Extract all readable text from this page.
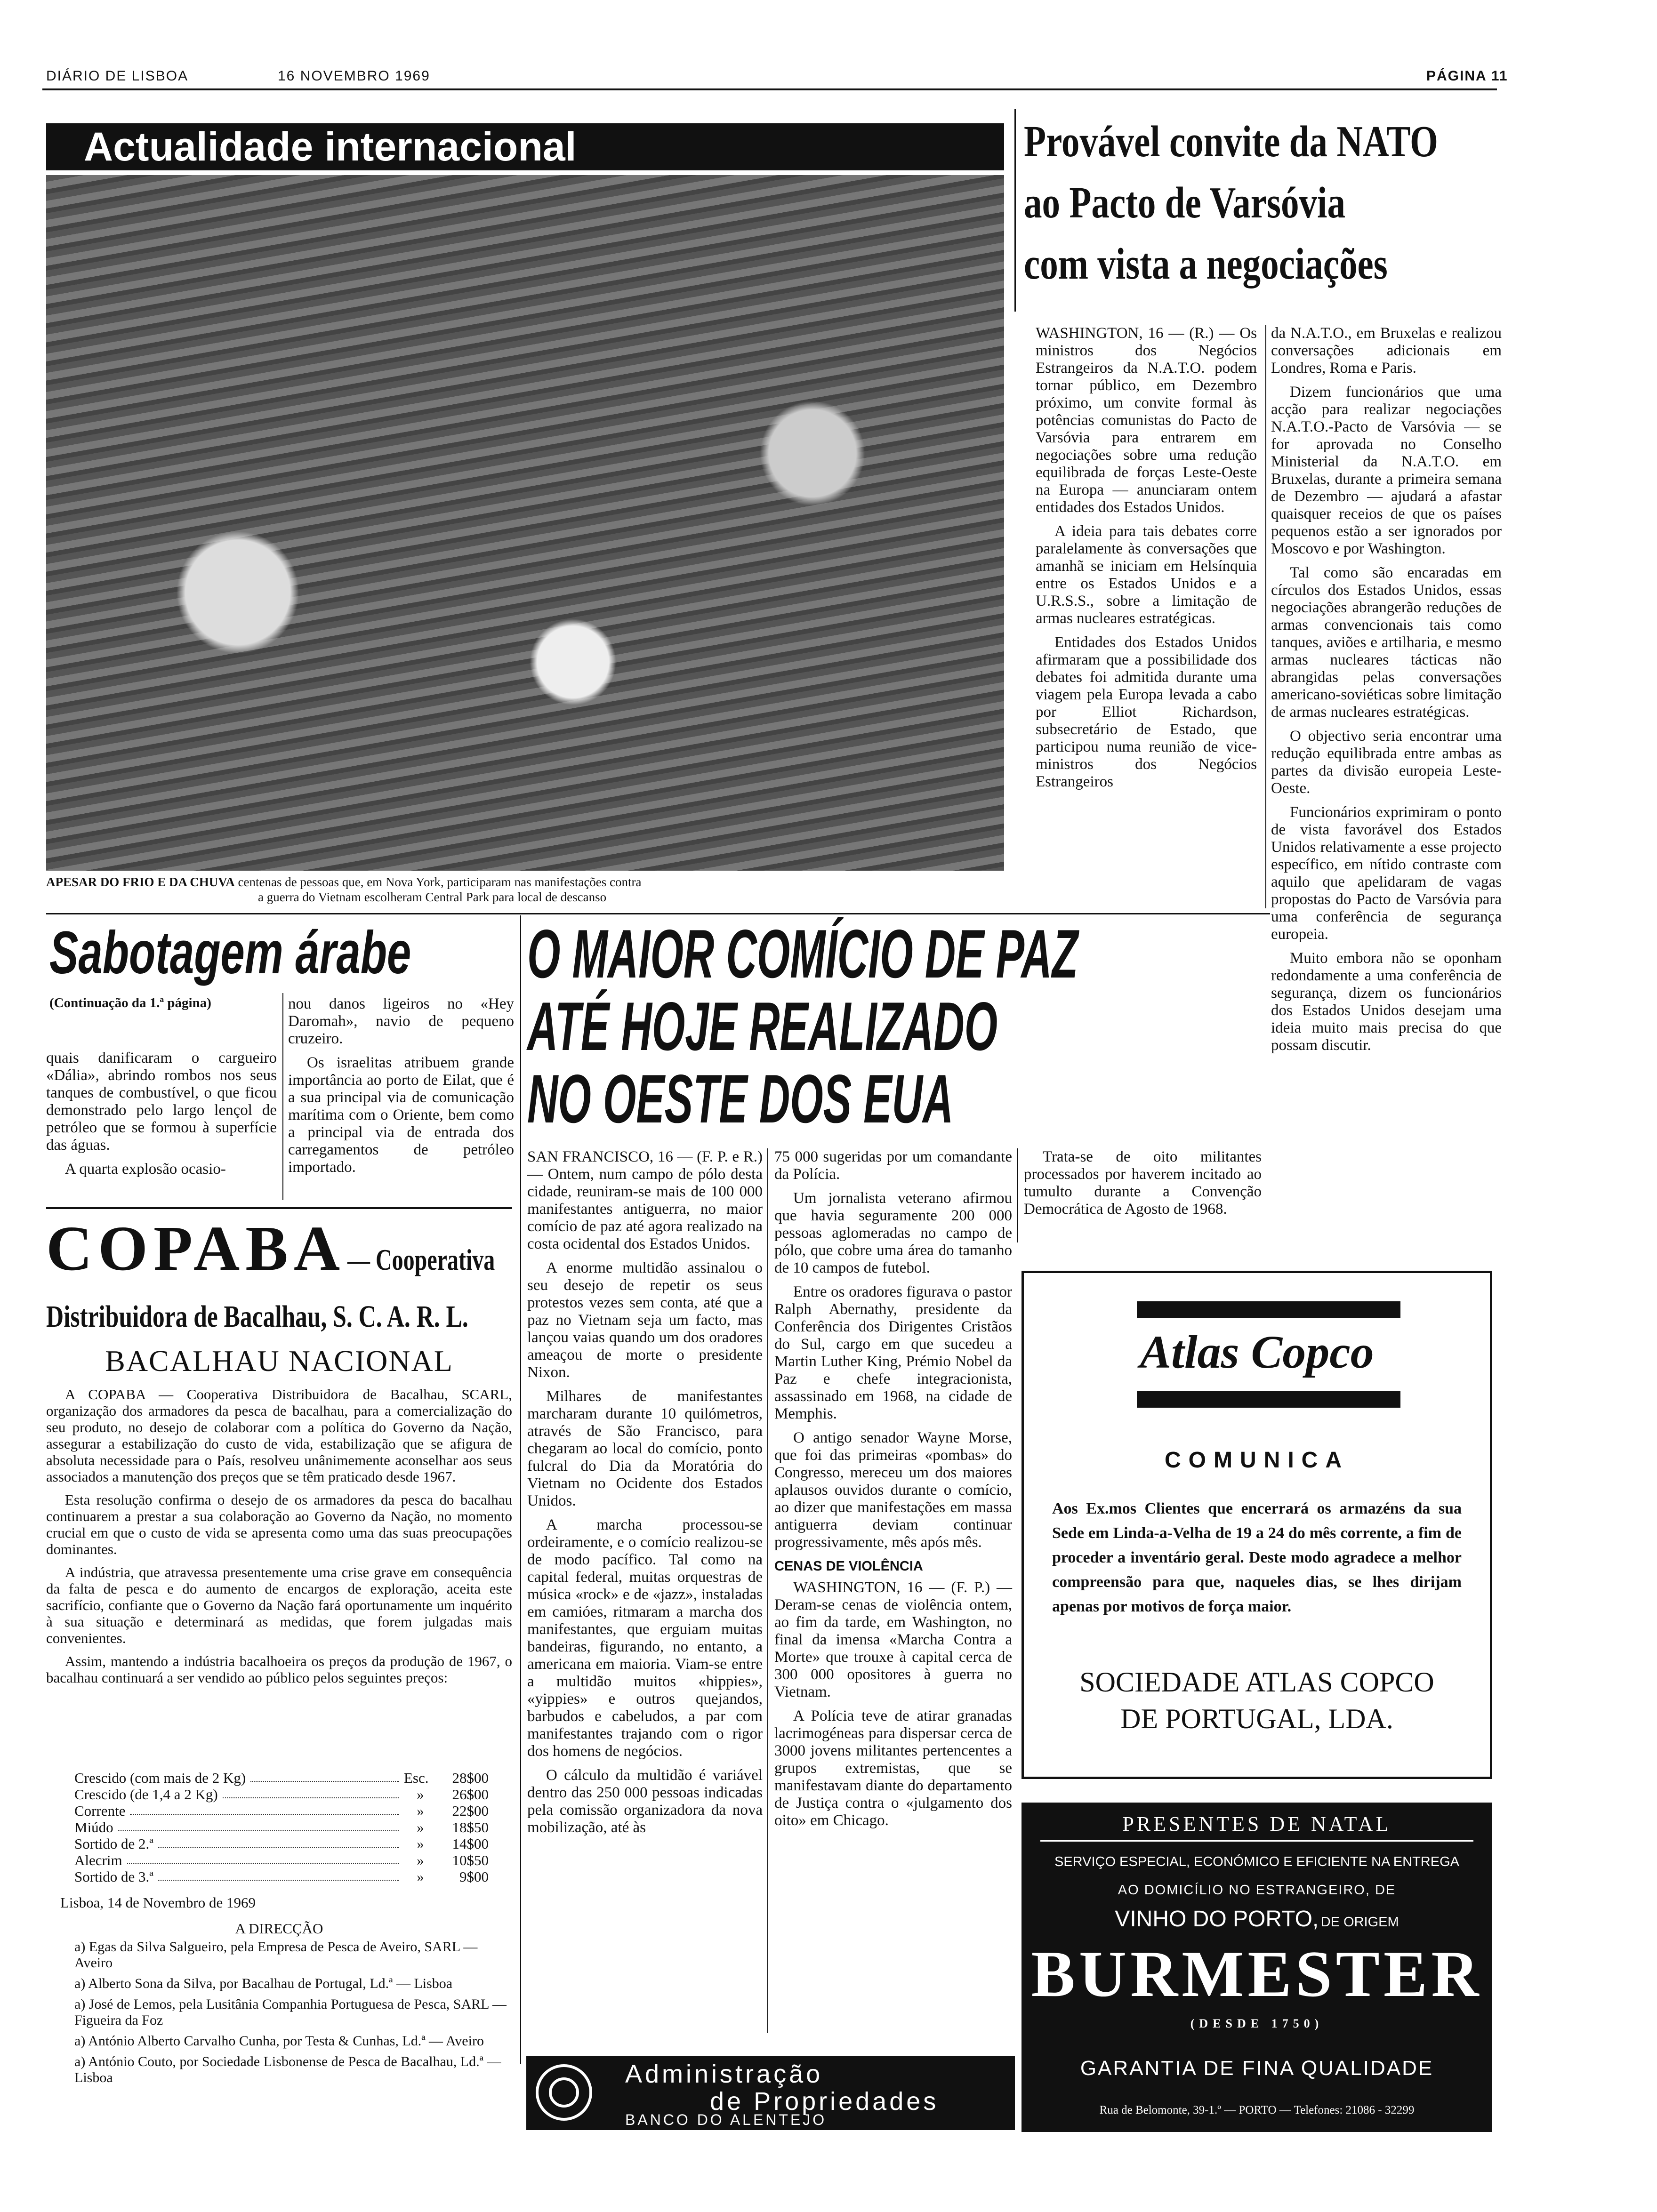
DIÁRIO DE LISBOA	16 NOVEMBRO 1969	PÁGINA 11
Actualidade internacional
APESAR DO FRIO E DA CHUVA centenas de pessoas que, em Nova York, participaram nas manifestações contra
a guerra do Vietnam escolheram Central Park para local de descanso
Provável convite da NATO
ao Pacto de Varsóvia
com vista a negociações

WASHINGTON, 16 — (R.) — Os ministros dos Negócios Estrangeiros da N.A.T.O. podem tornar público, em Dezembro próximo, um convite formal às potências comunistas do Pacto de Varsóvia para entrarem em negociações sobre uma redução equilibrada de forças Leste-Oeste na Europa — anunciaram ontem entidades dos Estados Unidos.

A ideia para tais debates corre paralelamente às conversações que amanhã se iniciam em Helsínquia entre os Estados Unidos e a U.R.S.S., sobre a limitação de armas nucleares estratégicas.

Entidades dos Estados Unidos afirmaram que a possibilidade dos debates foi admitida durante uma viagem pela Europa levada a cabo por Elliot Richardson, subsecretário de Estado, que participou numa reunião de vice-ministros dos Negócios Estrangeiros

da N.A.T.O., em Bruxelas e realizou conversações adicionais em Londres, Roma e Paris.

Dizem funcionários que uma acção para realizar negociações N.A.T.O.-Pacto de Varsóvia — se for aprovada no Conselho Ministerial da N.A.T.O. em Bruxelas, durante a primeira semana de Dezembro — ajudará a afastar quaisquer receios de que os países pequenos estão a ser ignorados por Moscovo e por Washington.

Tal como são encaradas em círculos dos Estados Unidos, essas negociações abrangerão reduções de armas convencionais tais como tanques, aviões e artilharia, e mesmo armas nucleares tácticas não abrangidas pelas conversações americano-soviéticas sobre limitação de armas nucleares estratégicas.

O objectivo seria encontrar uma redução equilibrada entre ambas as partes da divisão europeia Leste-Oeste.

Funcionários exprimiram o ponto de vista favorável dos Estados Unidos relativamente a esse projecto específico, em nítido contraste com aquilo que apelidaram de vagas propostas do Pacto de Varsóvia para uma conferência de segurança europeia.

Muito embora não se oponham redondamente a uma conferência de segurança, dizem os funcionários dos Estados Unidos desejam uma ideia muito mais precisa do que possam discutir.

Sabotagem árabe
(Continuação da 1.ª página)

quais danificaram o cargueiro «Dália», abrindo rombos nos seus tanques de combustível, o que ficou demonstrado pelo largo lençol de petróleo que se formou à superfície das águas.

A quarta explosão ocasio-

nou danos ligeiros no «Hey Daromah», navio de pequeno cruzeiro.

Os israelitas atribuem grande importância ao porto de Eilat, que é a sua principal via de comunicação marítima com o Oriente, bem como a principal via de entrada dos carregamentos de petróleo importado.

O MAIOR COMÍCIO DE PAZ
ATÉ HOJE REALIZADO
NO OESTE DOS EUA

SAN FRANCISCO, 16 — (F. P. e R.) — Ontem, num campo de pólo desta cidade, reuniram-se mais de 100 000 manifestantes antiguerra, no maior comício de paz até agora realizado na costa ocidental dos Estados Unidos.

A enorme multidão assinalou o seu desejo de repetir os seus protestos vezes sem conta, até que a paz no Vietnam seja um facto, mas lançou vaias quando um dos oradores ameaçou de morte o presidente Nixon.

Milhares de manifestantes marcharam durante 10 quilómetros, através de São Francisco, para chegaram ao local do comício, ponto fulcral do Dia da Moratória do Vietnam no Ocidente dos Estados Unidos.

A marcha processou-se ordeiramente, e o comício realizou-se de modo pacífico. Tal como na capital federal, muitas orquestras de música «rock» e de «jazz», instaladas em camióes, ritmaram a marcha dos manifestantes, que erguiam muitas bandeiras, figurando, no entanto, a americana em maioria. Viam-se entre a multidão muitos «hippies», «yippies» e outros quejandos, barbudos e cabeludos, a par com manifestantes trajando com o rigor dos homens de negócios.

O cálculo da multidão é variável dentro das 250 000 pessoas indicadas pela comissão organizadora da nova mobilização, até às

75 000 sugeridas por um comandante da Polícia.

Um jornalista veterano afirmou que havia seguramente 200 000 pessoas aglomeradas no campo de pólo, que cobre uma área do tamanho de 10 campos de futebol.

Entre os oradores figurava o pastor Ralph Abernathy, presidente da Conferência dos Dirigentes Cristãos do Sul, cargo em que sucedeu a Martin Luther King, Prémio Nobel da Paz e chefe integracionista, assassinado em 1968, na cidade de Memphis.

O antigo senador Wayne Morse, que foi das primeiras «pombas» do Congresso, mereceu um dos maiores aplausos ouvidos durante o comício, ao dizer que manifestações em massa antiguerra deviam continuar progressivamente, mês após mês.

CENAS DE VIOLÊNCIA

WASHINGTON, 16 — (F. P.) — Deram-se cenas de violência ontem, ao fim da tarde, em Washington, no final da imensa «Marcha Contra a Morte» que trouxe à capital cerca de 300 000 opositores à guerra no Vietnam.

A Polícia teve de atirar granadas lacrimogéneas para dispersar cerca de 3000 jovens militantes pertencentes a grupos extremistas, que se manifestavam diante do departamento de Justiça contra o «julgamento dos oito» em Chicago.

Trata-se de oito militantes processados por haverem incitado ao tumulto durante a Convenção Democrática de Agosto de 1968.

COPABA — Cooperativa
Distribuidora de Bacalhau, S. C. A. R. L.
BACALHAU NACIONAL

A COPABA — Cooperativa Distribuidora de Bacalhau, SCARL, organização dos armadores da pesca de bacalhau, para a comercialização do seu produto, no desejo de colaborar com a política do Governo da Nação, assegurar a estabilização do custo de vida, estabilização que se afigura de absoluta necessidade para o País, resolveu unânimemente aconselhar aos seus associados a manutenção dos preços que se têm praticado desde 1967.

Esta resolução confirma o desejo de os armadores da pesca do bacalhau continuarem a prestar a sua colaboração ao Governo da Nação, no momento crucial em que o custo de vida se apresenta como uma das suas preocupações dominantes.

A indústria, que atravessa presentemente uma crise grave em consequência da falta de pesca e do aumento de encargos de exploração, aceita este sacrifício, confiante que o Governo da Nação fará oportunamente um inquérito à sua situação e determinará as medidas, que forem julgadas mais convenientes.

Assim, mantendo a indústria bacalhoeira os preços da produção de 1967, o bacalhau continuará a ser vendido ao público pelos seguintes preços:

Crescido (com mais de 2 Kg)	Esc.	28$00
Crescido (de 1,4 a 2 Kg)	»	26$00
Corrente	»	22$00
Miúdo	»	18$50
Sortido de 2.ª	»	14$00
Alecrim	»	10$50
Sortido de 3.ª	»	9$00
Lisboa, 14 de Novembro de 1969
A DIRECÇÃO
a) Egas da Silva Salgueiro, pela Empresa de Pesca de Aveiro, SARL — Aveiro
a) Alberto Sona da Silva, por Bacalhau de Portugal, Ld.ª — Lisboa
a) José de Lemos, pela Lusitânia Companhia Portuguesa de Pesca, SARL — Figueira da Foz
a) António Alberto Carvalho Cunha, por Testa & Cunhas, Ld.ª — Aveiro
a) António Couto, por Sociedade Lisbonense de Pesca de Bacalhau, Ld.ª — Lisboa	Administração
de Propriedades
BANCO DO ALENTEJO
Atlas Copco
COMUNICA
Aos Ex.mos Clientes que encerrará os armazéns da sua Sede em Linda-a-Velha de 19 a 24 do mês corrente, a fim de proceder a inventário geral. Deste modo agradece a melhor compreensão para que, naqueles dias, se lhes dirijam apenas por motivos de força maior.
SOCIEDADE ATLAS COPCO
DE PORTUGAL, LDA.
PRESENTES DE NATAL
SERVIÇO ESPECIAL, ECONÓMICO E EFICIENTE NA ENTREGA
AO DOMICÍLIO NO ESTRANGEIRO, DE
VINHO DO PORTO, DE ORIGEM
BURMESTER
(DESDE 1750)
GARANTIA DE FINA QUALIDADE
Rua de Belomonte, 39-1.º — PORTO — Telefones: 21086 - 32299
